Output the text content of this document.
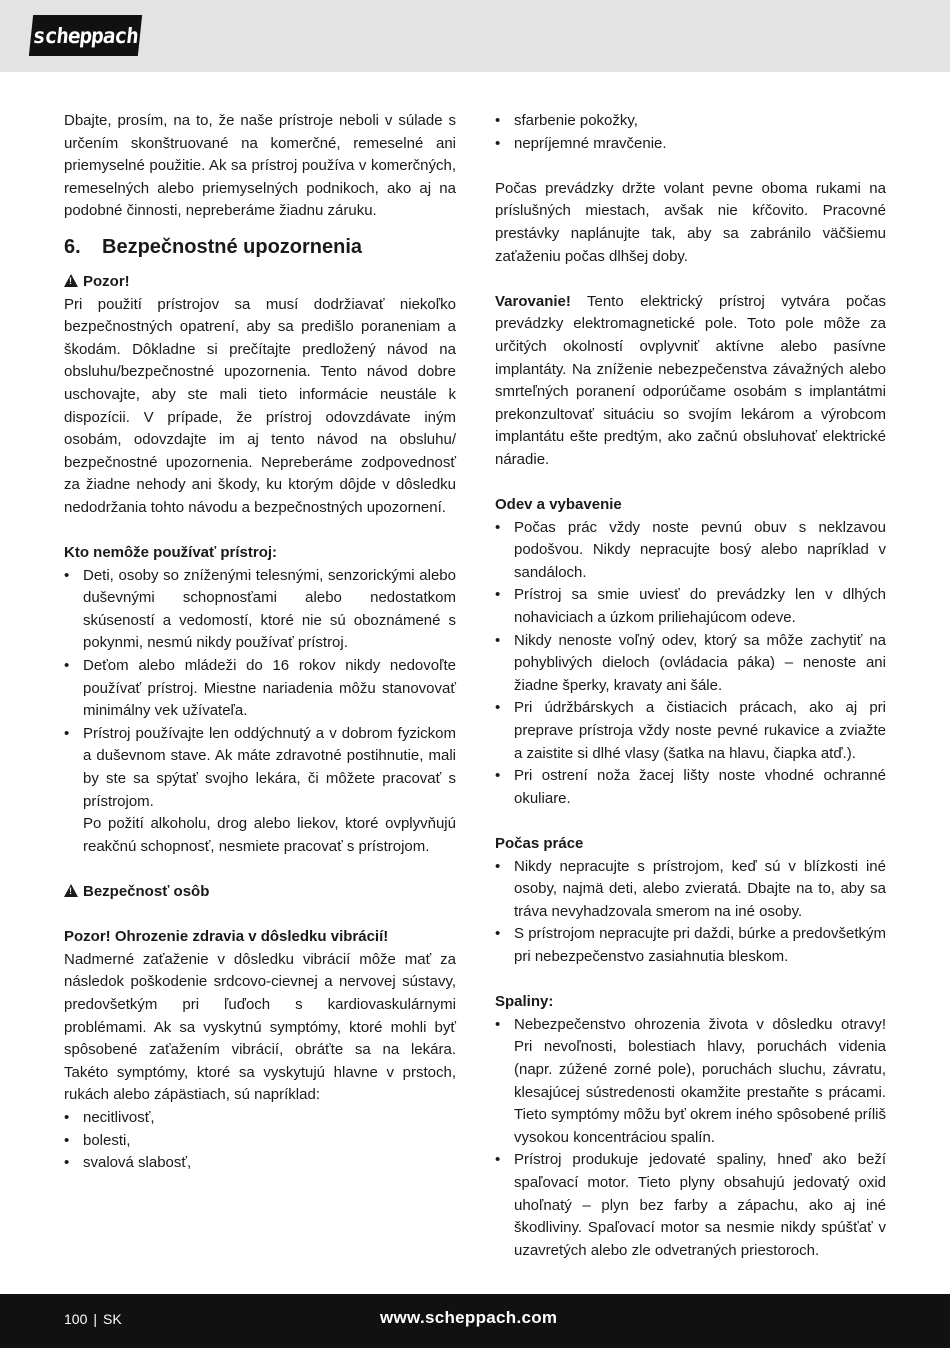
scheppach

Dbajte, prosím, na to, že naše prístroje neboli v súlade s určením skonštruované na komerčné, remeselné ani priemyselné použitie. Ak sa prístroj používa v komerčných, remeselných alebo priemyselných podnikoch, ako aj na podobné činnosti, nepreberáme žiadnu záruku.

6. Bezpečnostné upozornenia

!Pozor!

Pri použití prístrojov sa musí dodržiavať niekoľko bezpečnostných opatrení, aby sa predišlo poraneniam a škodám. Dôkladne si prečítajte predložený návod na obsluhu/bezpečnostné upozornenia. Tento návod dobre uschovajte, aby ste mali tieto informácie neustále k dispozícii. V prípade, že prístroj odovzdávate iným osobám, odovzdajte im aj tento návod na obsluhu/ bezpečnostné upozornenia. Nepreberáme zodpovednosť za žiadne nehody ani škody, ku ktorým dôjde v dôsledku nedodržania tohto návodu a bezpečnostných upozornení.

Kto nemôže používať prístroj:

• Deti, osoby so zníženými telesnými, senzorickými alebo duševnými schopnosťami alebo nedostatkom skúseností a vedomostí, ktoré nie sú oboznámené s pokynmi, nesmú nikdy používať prístroj.
• Deťom alebo mládeži do 16 rokov nikdy nedovoľte používať prístroj. Miestne nariadenia môžu stanovovať minimálny vek užívateľa.
• Prístroj používajte len oddýchnutý a v dobrom fyzickom a duševnom stave. Ak máte zdravotné postihnutie, mali by ste sa spýtať svojho lekára, či môžete pracovať s prístrojom.

Po požití alkoholu, drog alebo liekov, ktoré ovplyvňujú reakčnú schopnosť, nesmiete pracovať s prístrojom.

!Bezpečnosť osôb

Pozor! Ohrozenie zdravia v dôsledku vibrácií!

Nadmerné zaťaženie v dôsledku vibrácií môže mať za následok poškodenie srdcovo-cievnej a nervovej sústavy, predovšetkým pri ľuďoch s kardiovaskulárnymi problémami. Ak sa vyskytnú symptómy, ktoré mohli byť spôsobené zaťažením vibrácií, obráťte sa na lekára. Takéto symptómy, ktoré sa vyskytujú hlavne v prstoch, rukách alebo zápästiach, sú napríklad:

• necitlivosť,
• bolesti,
• svalová slabosť,
• sfarbenie pokožky,
• nepríjemné mravčenie.

Počas prevádzky držte volant pevne oboma rukami na príslušných miestach, avšak nie kŕčovito. Pracovné prestávky naplánujte tak, aby sa zabránilo väčšiemu zaťaženiu počas dlhšej doby.

Varovanie! Tento elektrický prístroj vytvára počas prevádzky elektromagnetické pole. Toto pole môže za určitých okolností ovplyvniť aktívne alebo pasívne implantáty. Na zníženie nebezpečenstva závažných alebo smrteľných poranení odporúčame osobám s implantátmi prekonzultovať situáciu so svojím lekárom a výrobcom implantátu ešte predtým, ako začnú obsluhovať elektrické náradie.

Odev a vybavenie

• Počas prác vždy noste pevnú obuv s neklzavou podošvou. Nikdy nepracujte bosý alebo napríklad v sandáloch.
• Prístroj sa smie uviesť do prevádzky len v dlhých nohaviciach a úzkom priliehajúcom odeve.
• Nikdy nenoste voľný odev, ktorý sa môže zachytiť na pohyblivých dieloch (ovládacia páka) – nenoste ani žiadne šperky, kravaty ani šále.
• Pri údržbárskych a čistiacich prácach, ako aj pri preprave prístroja vždy noste pevné rukavice a zviažte a zaistite si dlhé vlasy (šatka na hlavu, čiapka atď.).
• Pri ostrení noža žacej lišty noste vhodné ochranné okuliare.

Počas práce

• Nikdy nepracujte s prístrojom, keď sú v blízkosti iné osoby, najmä deti, alebo zvieratá. Dbajte na to, aby sa tráva nevyhadzovala smerom na iné osoby.
• S prístrojom nepracujte pri daždi, búrke a predovšetkým pri nebezpečenstvo zasiahnutia bleskom.

Spaliny:

• Nebezpečenstvo ohrozenia života v dôsledku otravy! Pri nevoľnosti, bolestiach hlavy, poruchách videnia (napr. zúžené zorné pole), poruchách sluchu, závratu, klesajúcej sústredenosti okamžite prestaňte s prácami. Tieto symptómy môžu byť okrem iného spôsobené príliš vysokou koncentráciou spalín.
• Prístroj produkuje jedovaté spaliny, hneď ako beží spaľovací motor. Tieto plyny obsahujú jedovatý oxid uhoľnatý – plyn bez farby a zápachu, ako aj iné škodliviny. Spaľovací motor sa nesmie nikdy spúšťať v uzavretých alebo zle odvetraných priestoroch.
100 | SK	www.scheppach.com
